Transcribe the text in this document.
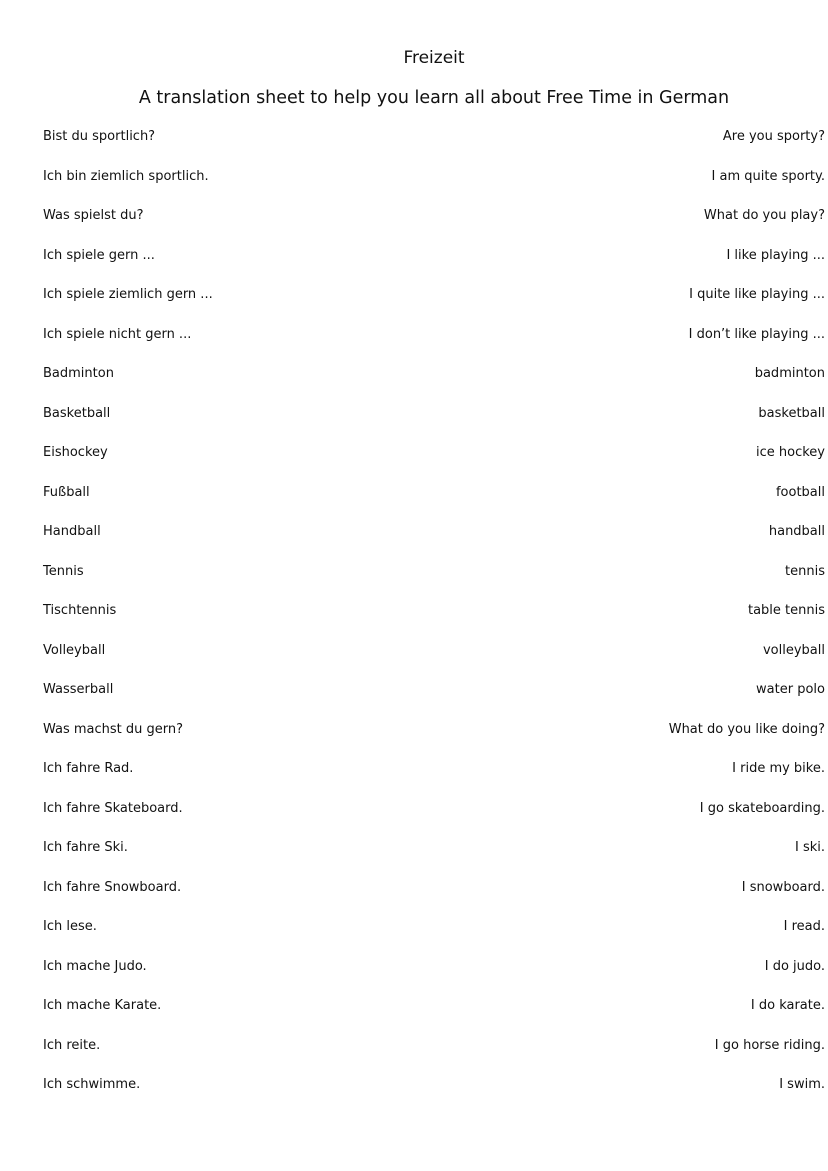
Freizeit
A translation sheet to help you learn all about Free Time in German
Bist du sportlich?	Are you sporty?
Ich bin ziemlich sportlich.	I am quite sporty.
Was spielst du?	What do you play?
Ich spiele gern ...	I like playing ...
Ich spiele ziemlich gern ...	I quite like playing ...
Ich spiele nicht gern ...	I don’t like playing ...
Badminton	badminton
Basketball	basketball
Eishockey	ice hockey
Fußball	football
Handball	handball
Tennis	tennis
Tischtennis	table tennis
Volleyball	volleyball
Wasserball	water polo
Was machst du gern?	What do you like doing?
Ich fahre Rad.	I ride my bike.
Ich fahre Skateboard.	I go skateboarding.
Ich fahre Ski.	I ski.
Ich fahre Snowboard.	I snowboard.
Ich lese.	I read.
Ich mache Judo.	I do judo.
Ich mache Karate.	I do karate.
Ich reite.	I go horse riding.
Ich schwimme.	I swim.
